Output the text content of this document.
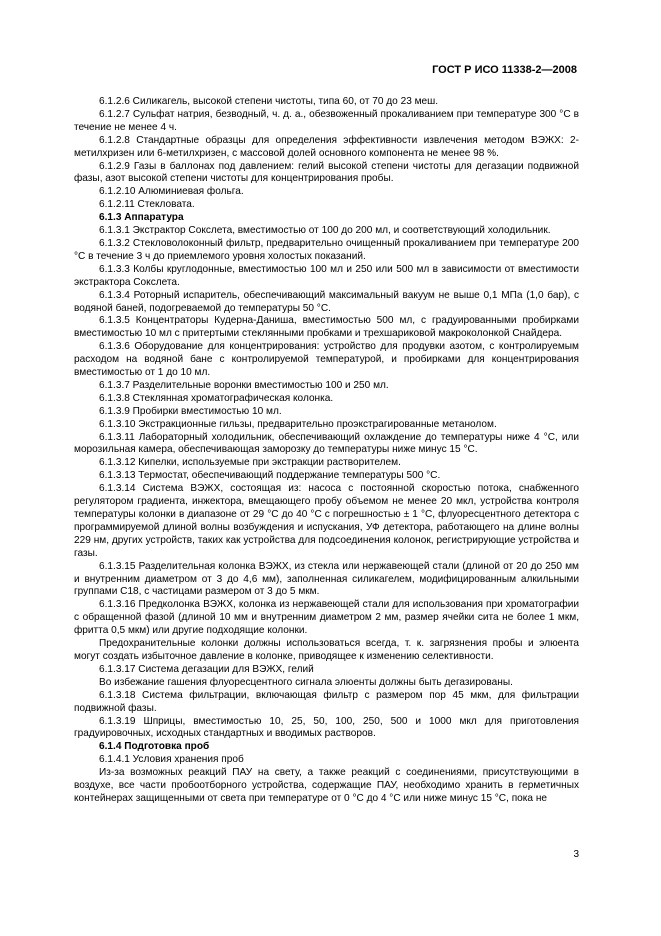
ГОСТ Р ИСО 11338-2—2008

6.1.2.6 Силикагель, высокой степени чистоты, типа 60, от 70 до 23 меш.

6.1.2.7 Сульфат натрия, безводный, ч. д. а., обезвоженный прокаливанием при температуре 300 °С в течение не менее 4 ч.

6.1.2.8 Стандартные образцы для определения эффективности извлечения методом ВЭЖХ: 2-метилхризен или 6-метилхризен, с массовой долей основного компонента не менее 98 %.

6.1.2.9 Газы в баллонах под давлением: гелий высокой степени чистоты для дегазации подвижной фазы, азот высокой степени чистоты для концентрирования пробы.

6.1.2.10 Алюминиевая фольга.

6.1.2.11 Стекловата.

6.1.3 Аппаратура

6.1.3.1 Экстрактор Сокслета, вместимостью от 100 до 200 мл, и соответствующий холодильник.

6.1.3.2 Стекловолоконный фильтр, предварительно очищенный прокаливанием при температуре 200 °С в течение 3 ч до приемлемого уровня холостых показаний.

6.1.3.3 Колбы круглодонные, вместимостью 100 мл и 250 или 500 мл в зависимости от вместимости экстрактора Сокслета.

6.1.3.4 Роторный испаритель, обеспечивающий максимальный вакуум не выше 0,1 МПа (1,0 бар), с водяной баней, подогреваемой до температуры 50 °С.

6.1.3.5 Концентраторы Кудерна-Даниша, вместимостью 500 мл, с градуированными пробирками вместимостью 10 мл с притертыми стеклянными пробками и трехшариковой макроколонкой Снайдера.

6.1.3.6 Оборудование для концентрирования: устройство для продувки азотом, с контролируемым расходом на водяной бане с контролируемой температурой, и пробирками для концентрирования вместимостью от 1 до 10 мл.

6.1.3.7 Разделительные воронки вместимостью 100 и 250 мл.

6.1.3.8 Стеклянная хроматографическая колонка.

6.1.3.9 Пробирки вместимостью 10 мл.

6.1.3.10 Экстракционные гильзы, предварительно проэкстрагированные метанолом.

6.1.3.11 Лабораторный холодильник, обеспечивающий охлаждение до температуры ниже 4 °С, или морозильная камера, обеспечивающая заморозку до температуры ниже минус 15 °С.

6.1.3.12 Кипелки, используемые при экстракции растворителем.

6.1.3.13 Термостат, обеспечивающий поддержание температуры 500 °С.

6.1.3.14 Система ВЭЖХ, состоящая из: насоса с постоянной скоростью потока, снабженного регулятором градиента, инжектора, вмещающего пробу объемом не менее 20 мкл, устройства контроля температуры колонки в диапазоне от 29 °С до 40 °С с погрешностью ± 1 °С, флуоресцентного детектора с программируемой длиной волны возбуждения и испускания, УФ детектора, работающего на длине волны 229 нм, других устройств, таких как устройства для подсоединения колонок, регистрирующие устройства и газы.

6.1.3.15 Разделительная колонка ВЭЖХ, из стекла или нержавеющей стали (длиной от 20 до 250 мм и внутренним диаметром от 3 до 4,6 мм), заполненная силикагелем, модифицированным алкильными группами С18, с частицами размером от 3 до 5 мкм.

6.1.3.16 Предколонка ВЭЖХ, колонка из нержавеющей стали для использования при хроматографии с обращенной фазой (длиной 10 мм и внутренним диаметром 2 мм, размер ячейки сита не более 1 мкм, фритта 0,5 мкм) или другие подходящие колонки.

Предохранительные колонки должны использоваться всегда, т. к. загрязнения пробы и элюента могут создать избыточное давление в колонке, приводящее к изменению селективности.

6.1.3.17 Система дегазации для ВЭЖХ, гелий

Во избежание гашения флуоресцентного сигнала элюенты должны быть дегазированы.

6.1.3.18 Система фильтрации, включающая фильтр с размером пор 45 мкм, для фильтрации подвижной фазы.

6.1.3.19 Шприцы, вместимостью 10, 25, 50, 100, 250, 500 и 1000 мкл для приготовления градуировочных, исходных стандартных и вводимых растворов.

6.1.4 Подготовка проб

6.1.4.1 Условия хранения проб

Из-за возможных реакций ПАУ на свету, а также реакций с соединениями, присутствующими в воздухе, все части пробоотборного устройства, содержащие ПАУ, необходимо хранить в герметичных контейнерах защищенными от света при температуре от 0 °С до 4 °С или ниже минус 15 °С, пока не

3
